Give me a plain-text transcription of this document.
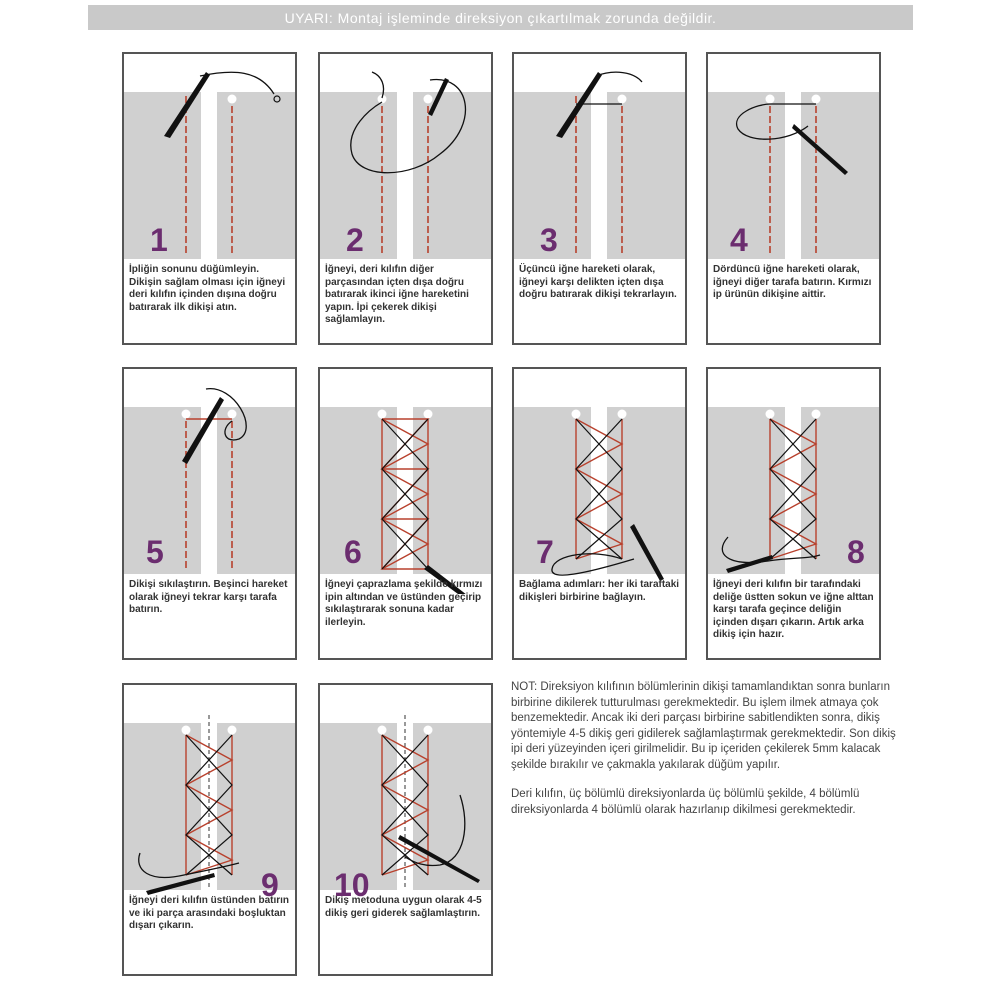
UYARI: Montaj işleminde direksiyon çıkartılmak zorunda değildir.
İpliğin sonunu düğümleyin. Dikişin sağlam olması için iğneyi deri kılıfın içinden dışına doğru batırarak ilk dikişi atın.
1
İğneyi, deri kılıfın diğer parçasından içten dışa doğru batırarak ikinci iğne hareketini yapın. İpi çekerek dikişi sağlamlayın.
2
Üçüncü iğne hareketi olarak, iğneyi karşı delikten içten dışa doğru batırarak dikişi tekrarlayın.
3
Dördüncü iğne hareketi olarak, iğneyi diğer tarafa batırın. Kırmızı ip ürünün dikişine aittir.
4
Dikişi sıkılaştırın. Beşinci hareket olarak iğneyi tekrar karşı tarafa batırın.
5
İğneyi çaprazlama şekilde kırmızı ipin altından ve üstünden geçirip sıkılaştırarak sonuna kadar ilerleyin.
6
Bağlama adımları: her iki taraftaki dikişleri birbirine bağlayın.
7
İğneyi deri kılıfın bir tarafındaki deliğe üstten sokun ve iğne alttan karşı tarafa geçince deliğin içinden dışarı çıkarın. Artık arka dikiş için hazır.
8
İğneyi deri kılıfın üstünden batırın ve iki parça arasındaki boşluktan dışarı çıkarın.
9	Dikiş metoduna uygun olarak 4-5 dikiş geri giderek sağlamlaştırın.
10

NOT: Direksiyon kılıfının bölümlerinin dikişi tamamlandıktan sonra bunların birbirine dikilerek tutturulması gerekmektedir. Bu işlem ilmek atmaya çok benzemektedir. Ancak iki deri parçası birbirine sabitlendikten sonra, dikiş yöntemiyle 4-5 dikiş geri gidilerek sağlamlaştırmak gerekmektedir. Son dikiş ipi deri yüzeyinden içeri girilmelidir. Bu ip içeriden çekilerek 5mm kalacak şekilde bırakılır ve çakmakla yakılarak düğüm yapılır.

Deri kılıfın, üç bölümlü direksiyonlarda üç bölümlü şekilde, 4 bölümlü direksiyonlarda 4 bölümlü olarak hazırlanıp dikilmesi gerekmektedir.
